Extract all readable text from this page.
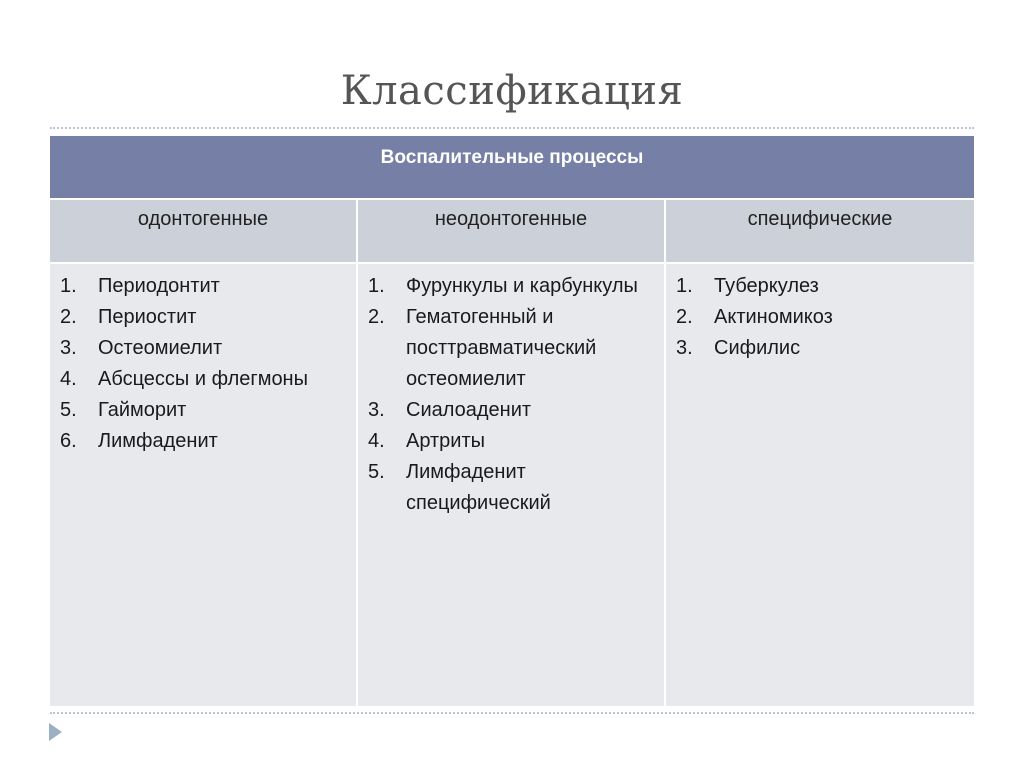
Классификация
Воспалительные процессы
одонтогенные	неодонтогенные	специфические
1. Периодонтит
2. Периостит
3. Остеомиелит
4. Абсцессы и флегмоны
5. Гайморит
6. Лимфаденит
1. Фурункулы и карбункулы
2. Гематогенный и посттравматический остеомиелит
3. Сиалоаденит
4. Артриты
5. Лимфаденит специфический
1. Туберкулез
2. Актиномикоз
3. Сифилис
